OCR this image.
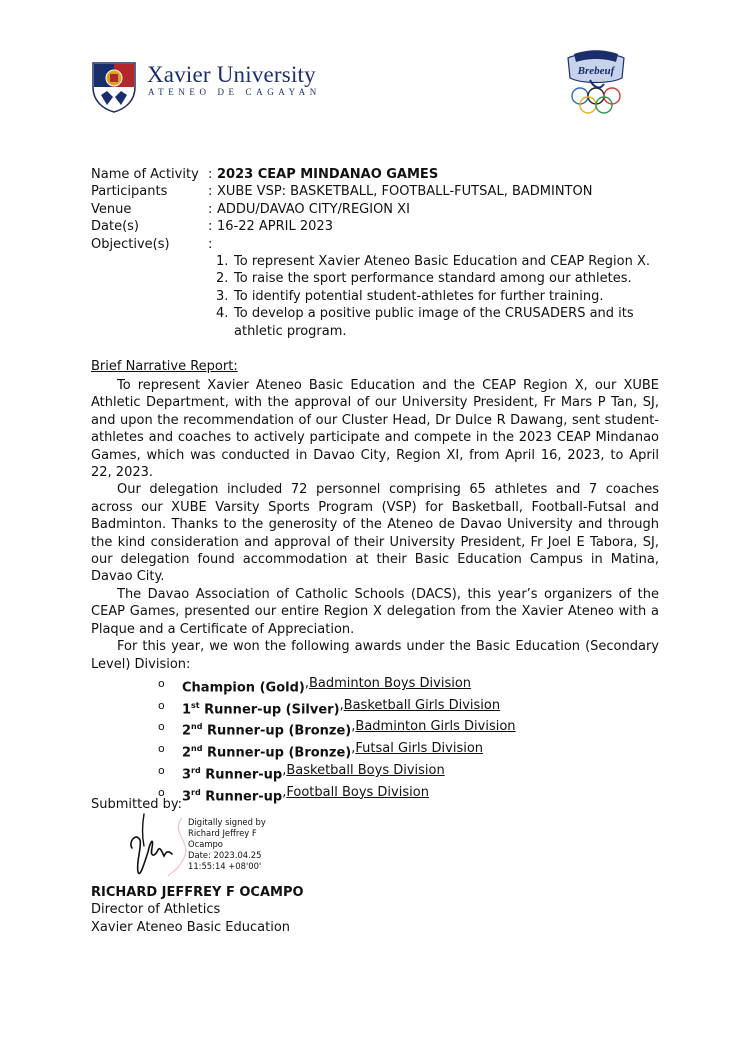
Xavier University
ATENEO DE CAGAYAN
Brebeuf
Name of Activity : 2023 CEAP MINDANAO GAMES
Participants	: XUBE VSP: BASKETBALL, FOOTBALL-FUTSAL, BADMINTON
Venue	: ADDU/DAVAO CITY/REGION XI
Date(s)	: 16-22 APRIL 2023
Objective(s)	:
1. To represent Xavier Ateneo Basic Education and CEAP Region X.
2. To raise the sport performance standard among our athletes.
3. To identify potential student-athletes for further training.
4. To develop a positive public image of the CRUSADERS and its athletic program.
Brief Narrative Report:

To represent Xavier Ateneo Basic Education and the CEAP Region X, our XUBE Athletic Department, with the approval of our University President, Fr Mars P Tan, SJ, and upon the recommendation of our Cluster Head, Dr Dulce R Dawang, sent student-athletes and coaches to actively participate and compete in the 2023 CEAP Mindanao Games, which was conducted in Davao City, Region XI, from April 16, 2023, to April 22, 2023.

Our delegation included 72 personnel comprising 65 athletes and 7 coaches across our XUBE Varsity Sports Program (VSP) for Basketball, Football-Futsal and Badminton. Thanks to the generosity of the Ateneo de Davao University and through the kind consideration and approval of their University President, Fr Joel E Tabora, SJ, our delegation found accommodation at their Basic Education Campus in Matina, Davao City.

The Davao Association of Catholic Schools (DACS), this year’s organizers of the CEAP Games, presented our entire Region X delegation from the Xavier Ateneo with a Plaque and a Certificate of Appreciation.

For this year, we won the following awards under the Basic Education (Secondary Level) Division:

o	Champion (Gold) , Badminton Boys Division
o	1st Runner-up (Silver) , Basketball Girls Division
o	2nd Runner-up (Bronze) , Badminton Girls Division
o	2nd Runner-up (Bronze) , Futsal Girls Division
o	3rd Runner-up , Basketball Boys Division
o	3rd Runner-up , Football Boys Division
Submitted by:
Digitally signed by
Richard Jeffrey F
Ocampo
Date: 2023.04.25
11:55:14 +08'00'
RICHARD JEFFREY F OCAMPO
Director of Athletics
Xavier Ateneo Basic Education
